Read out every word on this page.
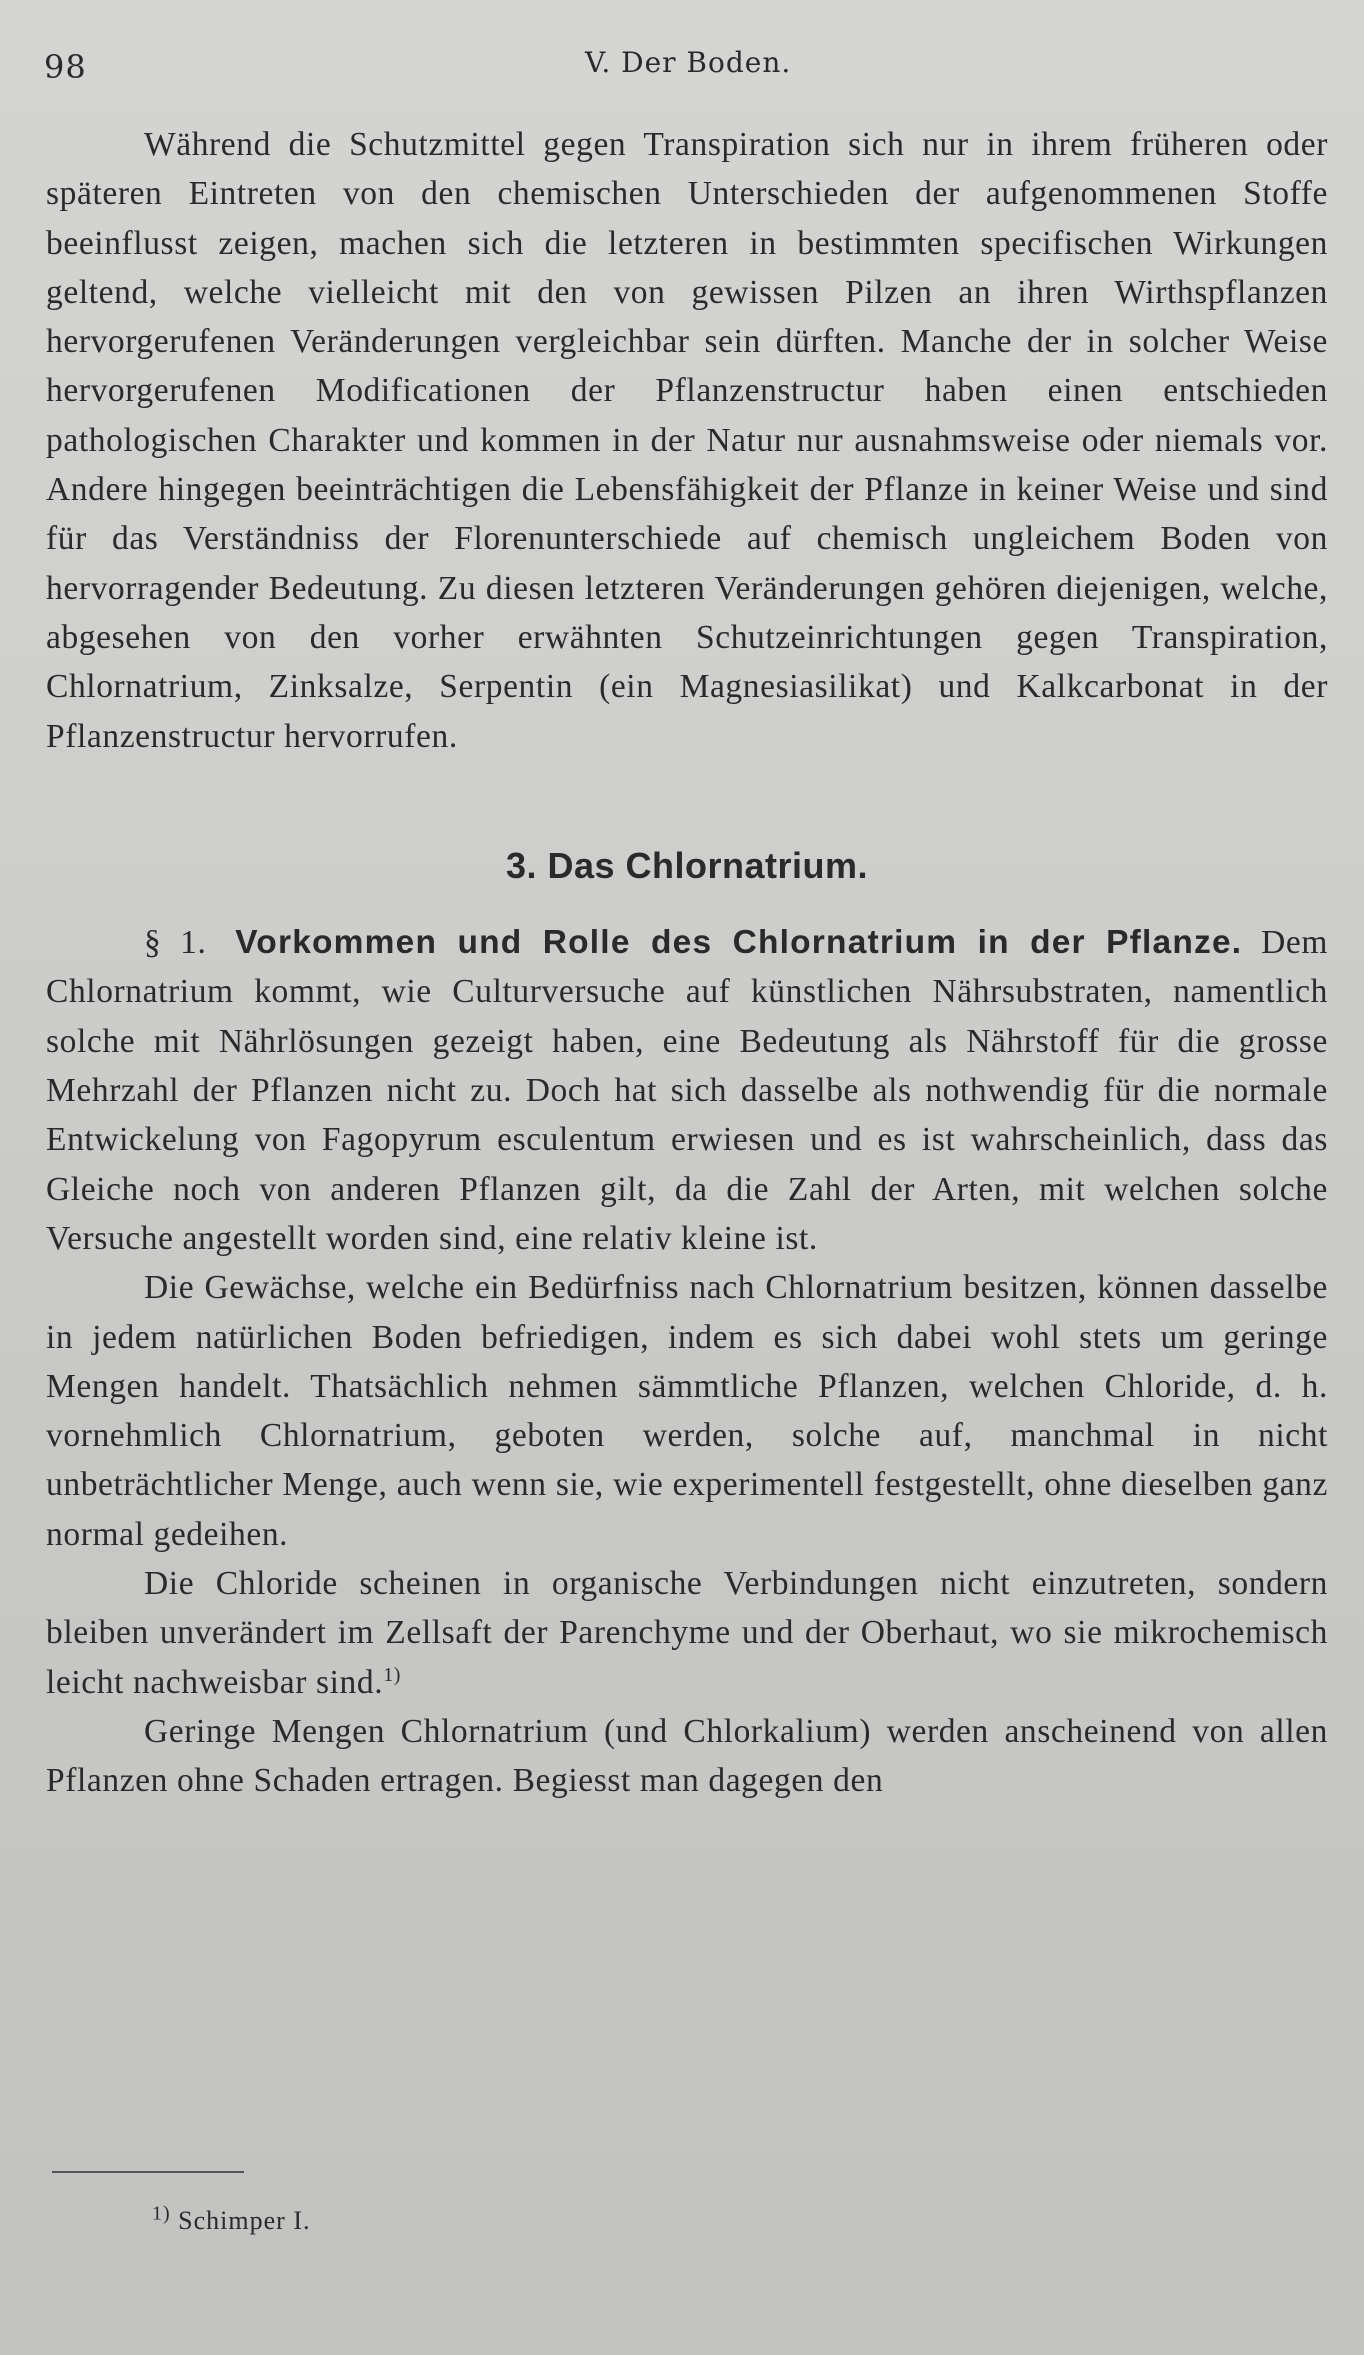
98	V. Der Boden.

Während die Schutzmittel gegen Transpiration sich nur in ihrem früheren oder späteren Eintreten von den chemischen Unterschieden der aufgenommenen Stoffe beeinflusst zeigen, machen sich die letzteren in bestimmten specifischen Wirkungen geltend, welche vielleicht mit den von gewissen Pilzen an ihren Wirthspflanzen hervorgerufenen Veränderungen vergleichbar sein dürften. Manche der in solcher Weise hervorgerufenen Modificationen der Pflanzenstructur haben einen entschieden pathologischen Charakter und kommen in der Natur nur ausnahmsweise oder niemals vor. Andere hingegen beeinträchtigen die Lebensfähigkeit der Pflanze in keiner Weise und sind für das Verständniss der Florenunterschiede auf chemisch ungleichem Boden von hervorragender Bedeutung. Zu diesen letzteren Veränderungen gehören diejenigen, welche, abgesehen von den vorher erwähnten Schutzeinrichtungen gegen Transpiration, Chlornatrium, Zinksalze, Serpentin (ein Magnesiasilikat) und Kalkcarbonat in der Pflanzenstructur hervorrufen.

3. Das Chlornatrium.

§ 1. Vorkommen und Rolle des Chlornatrium in der Pflanze. Dem Chlornatrium kommt, wie Culturversuche auf künstlichen Nährsubstraten, namentlich solche mit Nährlösungen gezeigt haben, eine Bedeutung als Nährstoff für die grosse Mehrzahl der Pflanzen nicht zu. Doch hat sich dasselbe als nothwendig für die normale Entwickelung von Fagopyrum esculentum erwiesen und es ist wahrscheinlich, dass das Gleiche noch von anderen Pflanzen gilt, da die Zahl der Arten, mit welchen solche Versuche angestellt worden sind, eine relativ kleine ist.

Die Gewächse, welche ein Bedürfniss nach Chlornatrium besitzen, können dasselbe in jedem natürlichen Boden befriedigen, indem es sich dabei wohl stets um geringe Mengen handelt. Thatsächlich nehmen sämmtliche Pflanzen, welchen Chloride, d. h. vornehmlich Chlornatrium, geboten werden, solche auf, manchmal in nicht unbeträchtlicher Menge, auch wenn sie, wie experimentell festgestellt, ohne dieselben ganz normal gedeihen.

Die Chloride scheinen in organische Verbindungen nicht einzutreten, sondern bleiben unverändert im Zellsaft der Parenchyme und der Oberhaut, wo sie mikrochemisch leicht nachweisbar sind.$^{1)}$

Geringe Mengen Chlornatrium (und Chlorkalium) werden anscheinend von allen Pflanzen ohne Schaden ertragen. Begiesst man dagegen den

$^{1)}$ Schimper I.
